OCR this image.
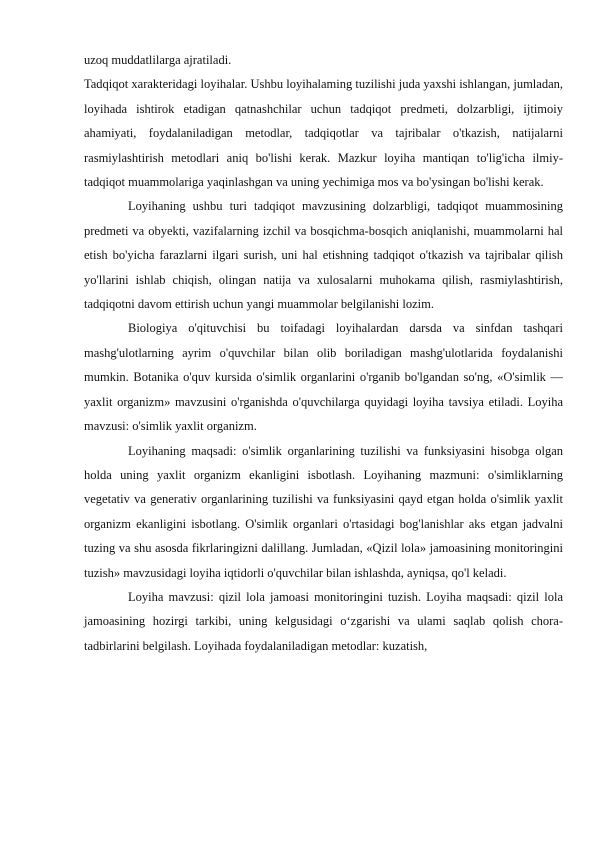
uzoq muddatlilarga ajratiladi.

Tadqiqot xarakteridagi loyihalar. Ushbu loyihalaming tuzilishi juda yaxshi ishlangan, jumladan, loyihada ishtirok etadigan qatnashchilar uchun tadqiqot predmeti, dolzarbligi, ijtimoiy ahamiyati, foydalaniladigan metodlar, tadqiqotlar va tajribalar o'tkazish, natijalarni rasmiylashtirish metodlari aniq bo'lishi kerak. Mazkur loyiha mantiqan to'lig'icha ilmiy-tadqiqot muammolariga yaqinlashgan va uning yechimiga mos va bo'ysingan bo'lishi kerak.

Loyihaning ushbu turi tadqiqot mavzusining dolzarbligi, tadqiqot muammosining predmeti va obyekti, vazifalarning izchil va bosqichma-bosqich aniqlanishi, muammolarni hal etish bo'yicha farazlarni ilgari surish, uni hal etishning tadqiqot o'tkazish va tajribalar qilish yo'llarini ishlab chiqish, olingan natija va xulosalarni muhokama qilish, rasmiylashtirish, tadqiqotni davom ettirish uchun yangi muammolar belgilanishi lozim.

Biologiya o'qituvchisi bu toifadagi loyihalardan darsda va sinfdan tashqari mashg'ulotlarning ayrim o'quvchilar bilan olib boriladigan mashg'ulotlarida foydalanishi mumkin. Botanika o'quv kursida o'simlik organlarini o'rganib bo'lgandan so'ng, «O'simlik — yaxlit organizm» mavzusini o'rganishda o'quvchilarga quyidagi loyiha tavsiya etiladi. Loyiha mavzusi: o'simlik yaxlit organizm.

Loyihaning maqsadi: o'simlik organlarining tuzilishi va funksiyasini hisobga olgan holda uning yaxlit organizm ekanligini isbotlash. Loyihaning mazmuni: o'simliklarning vegetativ va generativ organlarining tuzilishi va funksiyasini qayd etgan holda o'simlik yaxlit organizm ekanligini isbotlang. O'simlik organlari o'rtasidagi bog'lanishlar aks etgan jadvalni tuzing va shu asosda fikrlaringizni dalillang. Jumladan, «Qizil lola» jamoasining monitoringini tuzish» mavzusidagi loyiha iqtidorli o'quvchilar bilan ishlashda, ayniqsa, qo'l keladi.

Loyiha mavzusi: qizil lola jamoasi monitoringini tuzish. Loyiha maqsadi: qizil lola jamoasining hozirgi tarkibi, uning kelgusidagi o‘zgarishi va ulami saqlab qolish chora-tadbirlarini belgilash. Loyihada foydalaniladigan metodlar: kuzatish,
